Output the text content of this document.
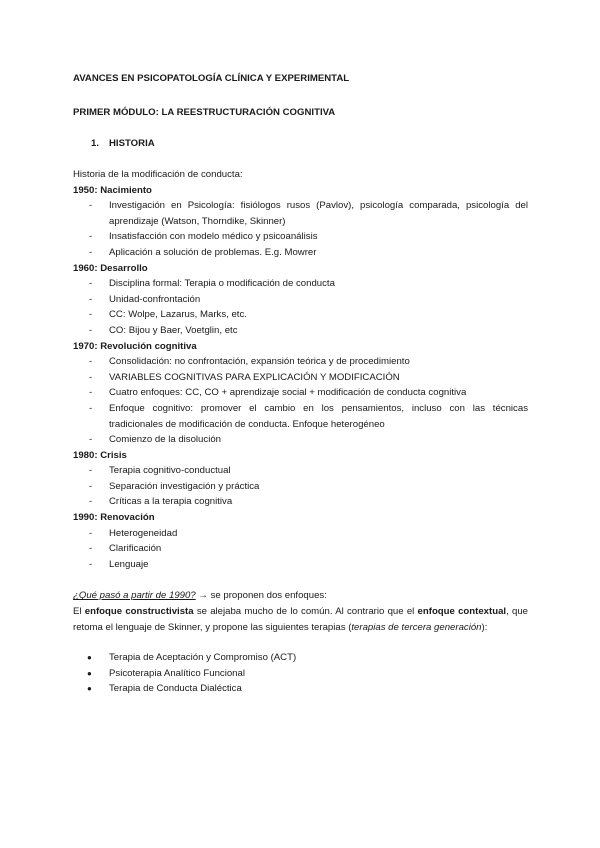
AVANCES EN PSICOPATOLOGÍA CLÍNICA Y EXPERIMENTAL
PRIMER MÓDULO: LA REESTRUCTURACIÓN COGNITIVA
1. HISTORIA

Historia de la modificación de conducta:

1950: Nacimiento

- Investigación en Psicología: fisiólogos rusos (Pavlov), psicología comparada, psicología del aprendizaje (Watson, Thorndike, Skinner)
- Insatisfacción con modelo médico y psicoanálisis
- Aplicación a solución de problemas. E.g. Mowrer

1960: Desarrollo

- Disciplina formal: Terapia o modificación de conducta
- Unidad-confrontación
- CC: Wolpe, Lazarus, Marks, etc.
- CO: Bijou y Baer, Voetglin, etc

1970: Revolución cognitiva

- Consolidación: no confrontación, expansión teórica y de procedimiento
- VARIABLES COGNITIVAS PARA EXPLICACIÓN Y MODIFICACIÓN
- Cuatro enfoques: CC, CO + aprendizaje social + modificación de conducta cognitiva
- Enfoque cognitivo: promover el cambio en los pensamientos, incluso con las técnicas tradicionales de modificación de conducta. Enfoque heterogéneo
- Comienzo de la disolución

1980: Crisis

- Terapia cognitivo-conductual
- Separación investigación y práctica
- Críticas a la terapia cognitiva

1990: Renovación

- Heterogeneidad
- Clarificación
- Lenguaje

¿Qué pasó a partir de 1990? → se proponen dos enfoques:

El enfoque constructivista se alejaba mucho de lo común. Al contrario que el enfoque contextual, que retoma el lenguaje de Skinner, y propone las siguientes terapias (terapias de tercera generación):

● Terapia de Aceptación y Compromiso (ACT)
● Psicoterapia Analítico Funcional
● Terapia de Conducta Dialéctica
